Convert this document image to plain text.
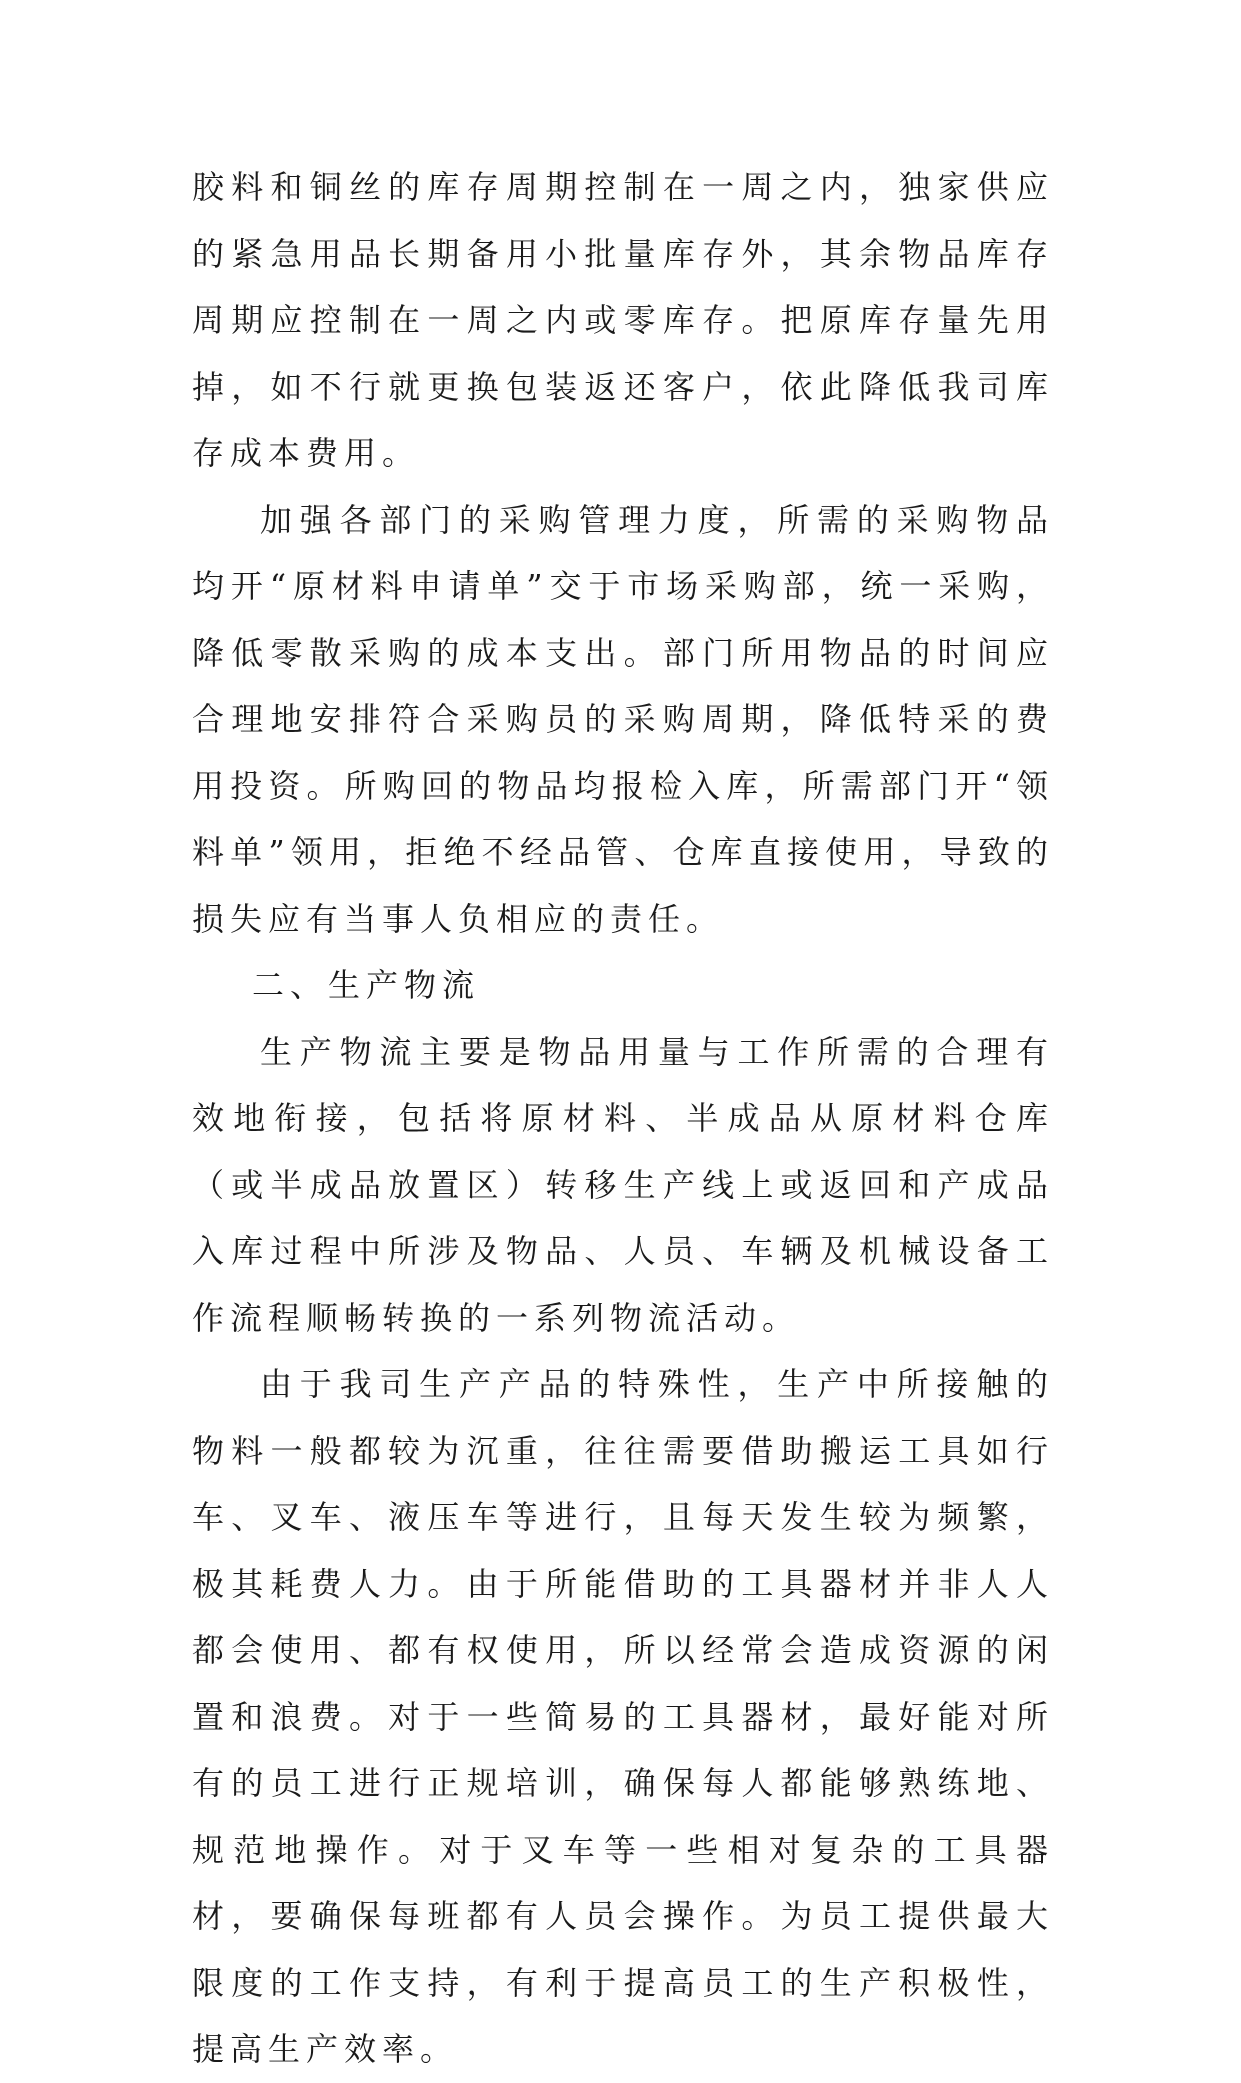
胶料和铜丝的库存周期控制在一周之内，独家供应的紧急用品长期备用小批量库存外，其余物品库存周期应控制在一周之内或零库存。把原库存量先用掉，如不行就更换包装返还客户，依此降低我司库存成本费用。

加强各部门的采购管理力度，所需的采购物品均开“原材料申请单”交于市场采购部，统一采购，降低零散采购的成本支出。部门所用物品的时间应合理地安排符合采购员的采购周期，降低特采的费用投资。所购回的物品均报检入库，所需部门开“领料单”领用，拒绝不经品管、仓库直接使用，导致的损失应有当事人负相应的责任。

二、生产物流

生产物流主要是物品用量与工作所需的合理有效地衔接，包括将原材料、半成品从原材料仓库（或半成品放置区）转移生产线上或返回和产成品入库过程中所涉及物品、人员、车辆及机械设备工作流程顺畅转换的一系列物流活动。

由于我司生产产品的特殊性，生产中所接触的物料一般都较为沉重，往往需要借助搬运工具如行车、叉车、液压车等进行，且每天发生较为频繁，极其耗费人力。由于所能借助的工具器材并非人人都会使用、都有权使用，所以经常会造成资源的闲置和浪费。对于一些简易的工具器材，最好能对所有的员工进行正规培训，确保每人都能够熟练地、规范地操作。对于叉车等一些相对复杂的工具器材，要确保每班都有人员会操作。为员工提供最大限度的工作支持，有利于提高员工的生产积极性，提高生产效率。
